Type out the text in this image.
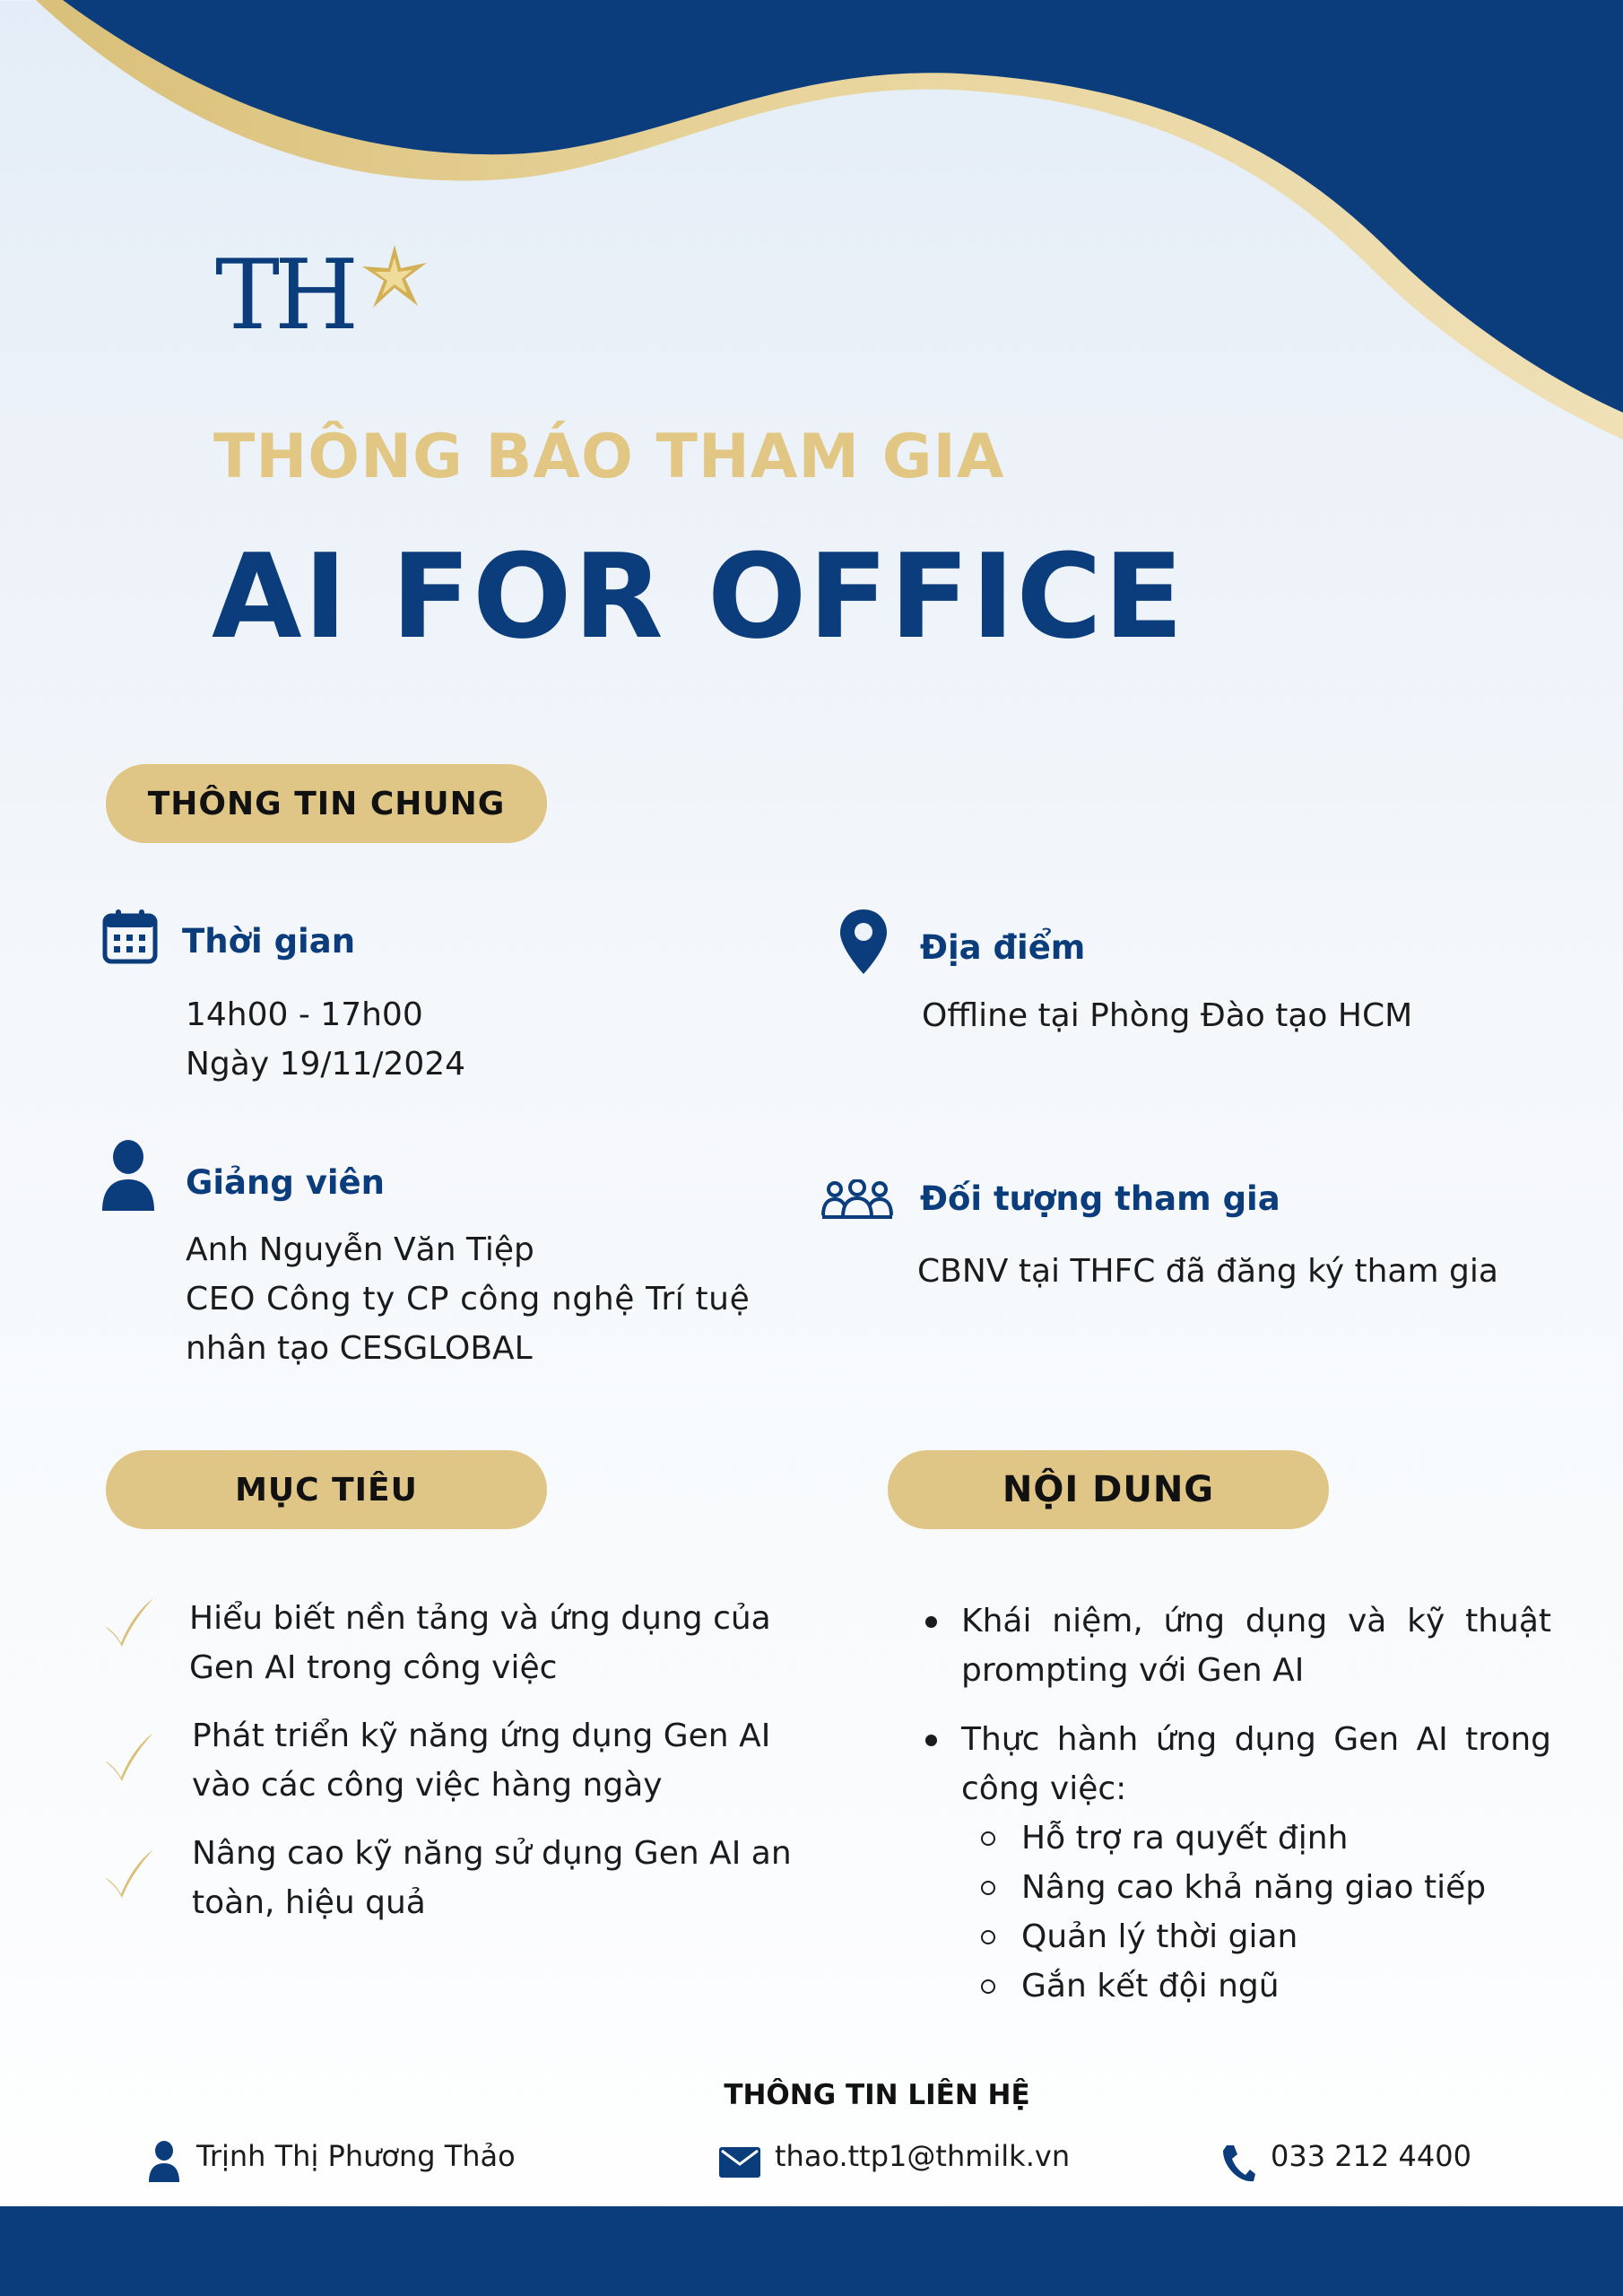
TH
THÔNG BÁO THAM GIA
AI FOR OFFICE
THÔNG TIN CHUNG
Thời gian
14h00 - 17h00
Ngày 19/11/2024
Địa điểm
Offline tại Phòng Đào tạo HCM
Giảng viên
Anh Nguyễn Văn Tiệp
CEO Công ty CP công nghệ Trí tuệ
nhân tạo CESGLOBAL
Đối tượng tham gia
CBNV tại THFC đã đăng ký tham gia
MỤC TIÊU	NỘI DUNG
Hiểu biết nền tảng và ứng dụng của
Gen AI trong công việc
Phát triển kỹ năng ứng dụng Gen AI
vào các công việc hàng ngày
Nâng cao kỹ năng sử dụng Gen AI an
toàn, hiệu quả
Khái niệm, ứng dụng và kỹ thuật prompting với Gen AI
Thực hành ứng dụng Gen AI trong công việc:
Hỗ trợ ra quyết định
Nâng cao khả năng giao tiếp
Quản lý thời gian
Gắn kết đội ngũ
THÔNG TIN LIÊN HỆ
Trịnh Thị Phương Thảo	thao.ttp1@thmilk.vn	033 212 4400
